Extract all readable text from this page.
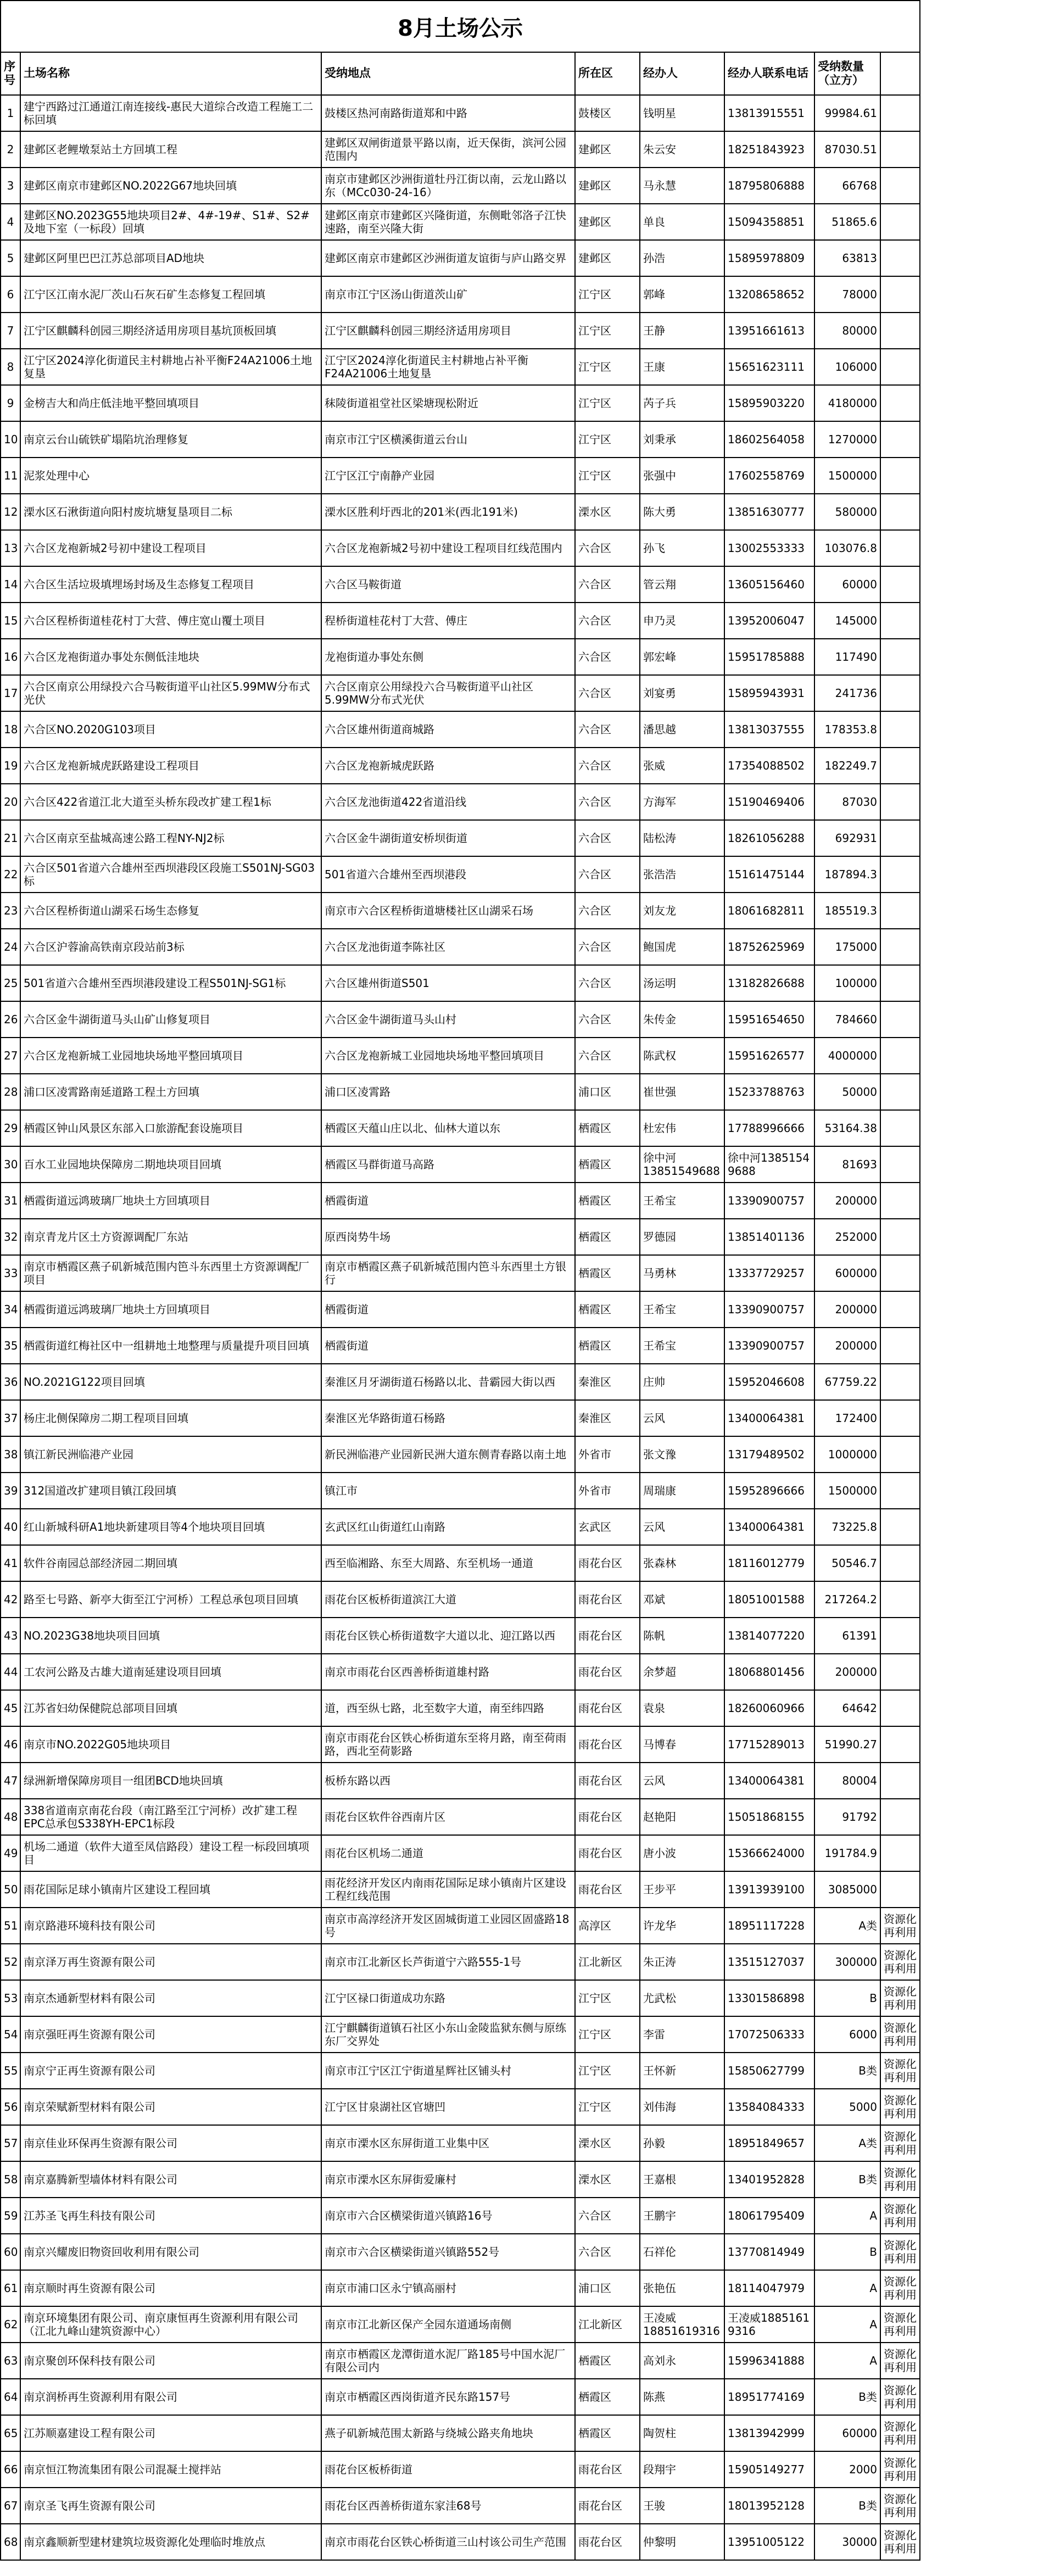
8月土场公示							
序号	土场名称	受纳地点	所在区	经办人	经办人联系电话	受纳数量（立方）	
1	建宁西路过江通道江南连接线-惠民大道综合改造工程施工二标回填	鼓楼区热河南路街道郑和中路	鼓楼区	钱明星	13813915551	99984.61	
2	建邺区老鲤墩泵站土方回填工程	建邺区双闸街道景平路以南，近天保街，滨河公园范围内	建邺区	朱云安	18251843923	87030.51	
3	建邺区南京市建邺区NO.2022G67地块回填	南京市建邺区沙洲街道牡丹江街以南，云龙山路以东（MCc030-24-16）	建邺区	马永慧	18795806888	66768	
4	建邺区NO.2023G55地块项目2#、4#-19#、S1#、S2#及地下室（一标段）回填	建邺区南京市建邺区兴隆街道，东侧毗邻洛子江快速路，南至兴隆大街	建邺区	单良	15094358851	51865.6	
5	建邺区阿里巴巴江苏总部项目AD地块	建邺区南京市建邺区沙洲街道友谊街与庐山路交界	建邺区	孙浩	15895978809	63813	
6	江宁区江南水泥厂茨山石灰石矿生态修复工程回填	南京市江宁区汤山街道茨山矿	江宁区	郭峰	13208658652	78000	
7	江宁区麒麟科创园三期经济适用房项目基坑顶板回填	江宁区麒麟科创园三期经济适用房项目	江宁区	王静	13951661613	80000	
8	江宁区2024淳化街道民主村耕地占补平衡F24A21006土地复垦	江宁区2024淳化街道民主村耕地占补平衡F24A21006土地复垦	江宁区	王康	15651623111	106000	
9	金榜吉大和尚庄低洼地平整回填项目	秣陵街道祖堂社区梁塘现松附近	江宁区	芮子兵	15895903220	4180000	
10	南京云台山硫铁矿塌陷坑治理修复	南京市江宁区横溪街道云台山	江宁区	刘秉承	18602564058	1270000	
11	泥浆处理中心	江宁区江宁南静产业园	江宁区	张强中	17602558769	1500000	
12	溧水区石湫街道向阳村废坑塘复垦项目二标	溧水区胜利圩西北的201米(西北191米)	溧水区	陈大勇	13851630777	580000	
13	六合区龙袍新城2号初中建设工程项目	六合区龙袍新城2号初中建设工程项目红线范围内	六合区	孙飞	13002553333	103076.8	
14	六合区生活垃圾填埋场封场及生态修复工程项目	六合区马鞍街道	六合区	管云翔	13605156460	60000	
15	六合区程桥街道桂花村丁大营、傅庄宽山覆土项目	程桥街道桂花村丁大营、傅庄	六合区	申乃灵	13952006047	145000	
16	六合区龙袍街道办事处东侧低洼地块	龙袍街道办事处东侧	六合区	郭宏峰	15951785888	117490	
17	六合区南京公用绿投六合马鞍街道平山社区5.99MW分布式光伏	六合区南京公用绿投六合马鞍街道平山社区5.99MW分布式光伏	六合区	刘宴勇	15895943931	241736	
18	六合区NO.2020G103项目	六合区雄州街道商城路	六合区	潘思越	13813037555	178353.8	
19	六合区龙袍新城虎跃路建设工程项目	六合区龙袍新城虎跃路	六合区	张威	17354088502	182249.7	
20	六合区422省道江北大道至头桥东段改扩建工程1标	六合区龙池街道422省道沿线	六合区	方海军	15190469406	87030	
21	六合区南京至盐城高速公路工程NY-NJ2标	六合区金牛湖街道安桥坝街道	六合区	陆松涛	18261056288	692931	
22	六合区501省道六合雄州至西坝港段区段施工S501NJ-SG03标	501省道六合雄州至西坝港段	六合区	张浩浩	15161475144	187894.3	
23	六合区程桥街道山湖采石场生态修复	南京市六合区程桥街道塘楼社区山湖采石场	六合区	刘友龙	18061682811	185519.3	
24	六合区沪蓉渝高铁南京段站前3标	六合区龙池街道李陈社区	六合区	鲍国虎	18752625969	175000	
25	501省道六合雄州至西坝港段建设工程S501NJ-SG1标	六合区雄州街道S501	六合区	汤运明	13182826688	100000	
26	六合区金牛湖街道马头山矿山修复项目	六合区金牛湖街道马头山村	六合区	朱传金	15951654650	784660	
27	六合区龙袍新城工业园地块场地平整回填项目	六合区龙袍新城工业园地块场地平整回填项目	六合区	陈武权	15951626577	4000000	
28	浦口区凌霄路南延道路工程土方回填	浦口区凌霄路	浦口区	崔世强	15233788763	50000	
29	栖霞区钟山风景区东部入口旅游配套设施项目	栖霞区天蕴山庄以北、仙林大道以东	栖霞区	杜宏伟	17788996666	53164.38	
30	百水工业园地块保障房二期地块项目回填	栖霞区马群街道马高路	栖霞区	徐中河13851549688	徐中河13851549688	81693	
31	栖霞街道远鸿玻璃厂地块土方回填项目	栖霞街道	栖霞区	王希宝	13390900757	200000	
32	南京青龙片区土方资源调配厂东站	原西岗势牛场	栖霞区	罗德园	13851401136	252000	
33	南京市栖霞区燕子矶新城范围内笆斗东西里土方资源调配厂项目	南京市栖霞区燕子矶新城范围内笆斗东西里土方银行	栖霞区	马勇林	13337729257	600000	
34	栖霞街道远鸿玻璃厂地块土方回填项目	栖霞街道	栖霞区	王希宝	13390900757	200000	
35	栖霞街道红梅社区中一组耕地土地整理与质量提升项目回填	栖霞街道	栖霞区	王希宝	13390900757	200000	
36	NO.2021G122项目回填	秦淮区月牙湖街道石杨路以北、昔霸园大街以西	秦淮区	庄帅	15952046608	67759.22	
37	杨庄北侧保障房二期工程项目回填	秦淮区光华路街道石杨路	秦淮区	云风	13400064381	172400	
38	镇江新民洲临港产业园	新民洲临港产业园新民洲大道东侧青春路以南土地	外省市	张文豫	13179489502	1000000	
39	312国道改扩建项目镇江段回填	镇江市	外省市	周瑞康	15952896666	1500000	
40	红山新城科研A1地块新建项目等4个地块项目回填	玄武区红山街道红山南路	玄武区	云风	13400064381	73225.8	
41	软件谷南园总部经济园二期回填	西至临湘路、东至大周路、东至机场一通道	雨花台区	张森林	18116012779	50546.7	
42	路至七号路、新亭大街至江宁河桥）工程总承包项目回填	雨花台区板桥街道滨江大道	雨花台区	邓斌	18051001588	217264.2	
43	NO.2023G38地块项目回填	雨花台区铁心桥街道数字大道以北、迎江路以西	雨花台区	陈帆	13814077220	61391	
44	工农河公路及古雄大道南延建设项目回填	南京市雨花台区西善桥街道雄村路	雨花台区	余梦超	18068801456	200000	
45	江苏省妇幼保健院总部项目回填	道，西至纵七路，北至数字大道，南至纬四路	雨花台区	袁泉	18260060966	64642	
46	南京市NO.2022G05地块项目	南京市雨花台区铁心桥街道东至将月路，南至荷雨路，西北至荷影路	雨花台区	马博春	17715289013	51990.27	
47	绿洲新增保障房项目一组团BCD地块回填	板桥东路以西	雨花台区	云风	13400064381	80004	
48	338省道南京南花台段（南江路至江宁河桥）改扩建工程EPC总承包S338YH-EPC1标段	雨花台区软件谷西南片区	雨花台区	赵艳阳	15051868155	91792	
49	机场二通道（软件大道至凤信路段）建设工程一标段回填项目	雨花台区机场二通道	雨花台区	唐小波	15366624000	191784.9	
50	雨花国际足球小镇南片区建设工程回填	雨花经济开发区内南雨花国际足球小镇南片区建设工程红线范围	雨花台区	王步平	13913939100	3085000	
51	南京路港环境科技有限公司	南京市高淳经济开发区固城街道工业园区固盛路18号	高淳区	许龙华	18951117228	A类	资源化再利用
52	南京泽万再生资源有限公司	南京市江北新区长芦街道宁六路555-1号	江北新区	朱正涛	13515127037	300000	资源化再利用
53	南京杰通新型材料有限公司	江宁区禄口街道成功东路	江宁区	尤武松	13301586898	B	资源化再利用
54	南京强旺再生资源有限公司	江宁麒麟街道镇石社区小东山金陵监狱东侧与原练东厂交界处	江宁区	李雷	17072506333	6000	资源化再利用
55	南京宁正再生资源有限公司	南京市江宁区江宁街道星辉社区铺头村	江宁区	王怀新	15850627799	B类	资源化再利用
56	南京荣赋新型材料有限公司	江宁区甘泉湖社区官塘凹	江宁区	刘伟海	13584084333	5000	资源化再利用
57	南京佳业环保再生资源有限公司	南京市溧水区东屏街道工业集中区	溧水区	孙毅	18951849657	A类	资源化再利用
58	南京嘉腾新型墙体材料有限公司	南京市溧水区东屏街爱廉村	溧水区	王嘉根	13401952828	B类	资源化再利用
59	江苏圣飞再生科技有限公司	南京市六合区横梁街道兴镇路16号	六合区	王鹏宇	18061795409	A	资源化再利用
60	南京兴耀废旧物资回收利用有限公司	南京市六合区横梁街道兴镇路552号	六合区	石祥伦	13770814949	B	资源化再利用
61	南京顺时再生资源有限公司	南京市浦口区永宁镇高丽村	浦口区	张艳伍	18114047979	A	资源化再利用
62	南京环境集团有限公司、南京康恒再生资源利用有限公司（江北九峰山建筑资源中心）	南京市江北新区保产全园东道通场南侧	江北新区	王凌威18851619316	王凌威18851619316	A	资源化再利用
63	南京聚创环保科技有限公司	南京市栖霞区龙潭街道水泥厂路185号中国水泥厂有限公司内	栖霞区	高刘永	15996341888	A	资源化再利用
64	南京润桥再生资源利用有限公司	南京市栖霞区西岗街道齐民东路157号	栖霞区	陈燕	18951774169	B类	资源化再利用
65	江苏顺嘉建设工程有限公司	燕子矶新城范围太新路与绕城公路夹角地块	栖霞区	陶贺柱	13813942999	60000	资源化再利用
66	南京恒江物流集团有限公司混凝土搅拌站	雨花台区板桥街道	雨花台区	段翔宇	15905149277	2000	资源化再利用
67	南京圣飞再生资源有限公司	雨花台区西善桥街道东家洼68号	雨花台区	王骏	18013952128	B类	资源化再利用
68	南京鑫顺新型建材建筑垃圾资源化处理临时堆放点	南京市雨花台区铁心桥街道三山村该公司生产范围	雨花台区	仲黎明	13951005122	30000	资源化再利用
